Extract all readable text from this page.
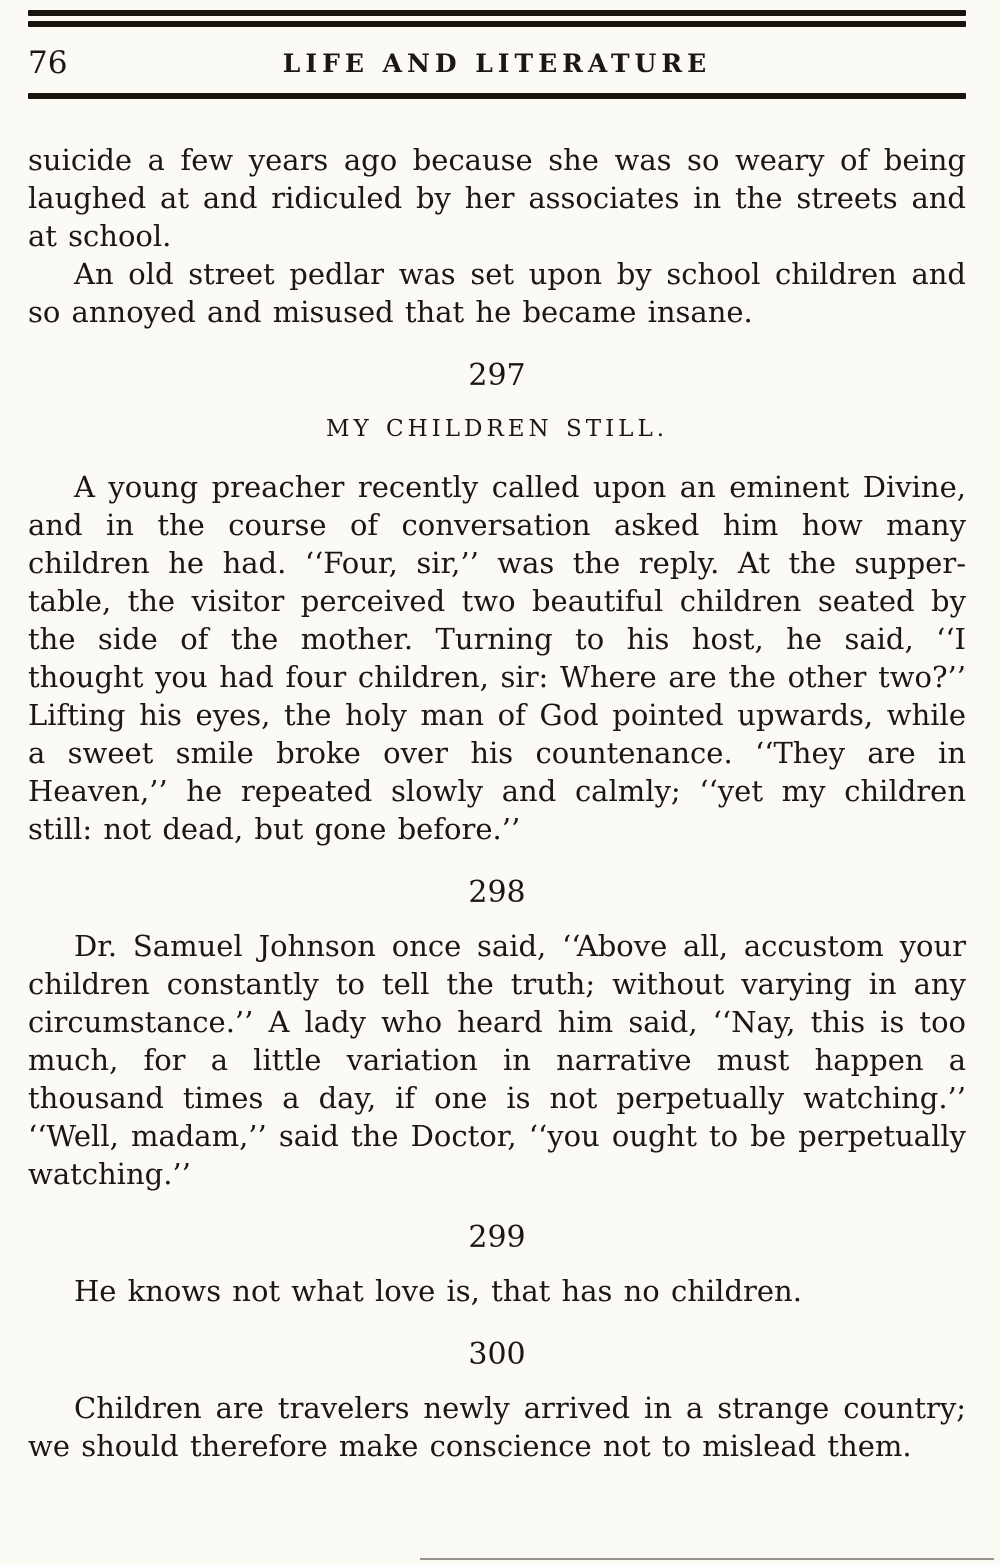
76	LIFE AND LITERATURE

suicide a few years ago because she was so weary of being laughed at and ridiculed by her associates in the streets and at school.

An old street pedlar was set upon by school children and so annoyed and misused that he became insane.

297
MY CHILDREN STILL.

A young preacher recently called upon an eminent Divine, and in the course of conversation asked him how many children he had. ‘‘Four, sir,’’ was the reply. At the supper-table, the visitor perceived two beautiful children seated by the side of the mother. Turning to his host, he said, ‘‘I thought you had four children, sir: Where are the other two?’’ Lifting his eyes, the holy man of God pointed upwards, while a sweet smile broke over his countenance. ‘‘They are in Heaven,’’ he repeated slowly and calmly; ‘‘yet my children still: not dead, but gone before.’’

298

Dr. Samuel Johnson once said, ‘‘Above all, accustom your children constantly to tell the truth; without varying in any circumstance.’’ A lady who heard him said, ‘‘Nay, this is too much, for a little variation in narrative must happen a thousand times a day, if one is not perpetually watching.’’ ‘‘Well, madam,’’ said the Doctor, ‘‘you ought to be perpetually watching.’’

299

He knows not what love is, that has no children.

300

Children are travelers newly arrived in a strange country; we should therefore make conscience not to mislead them.
